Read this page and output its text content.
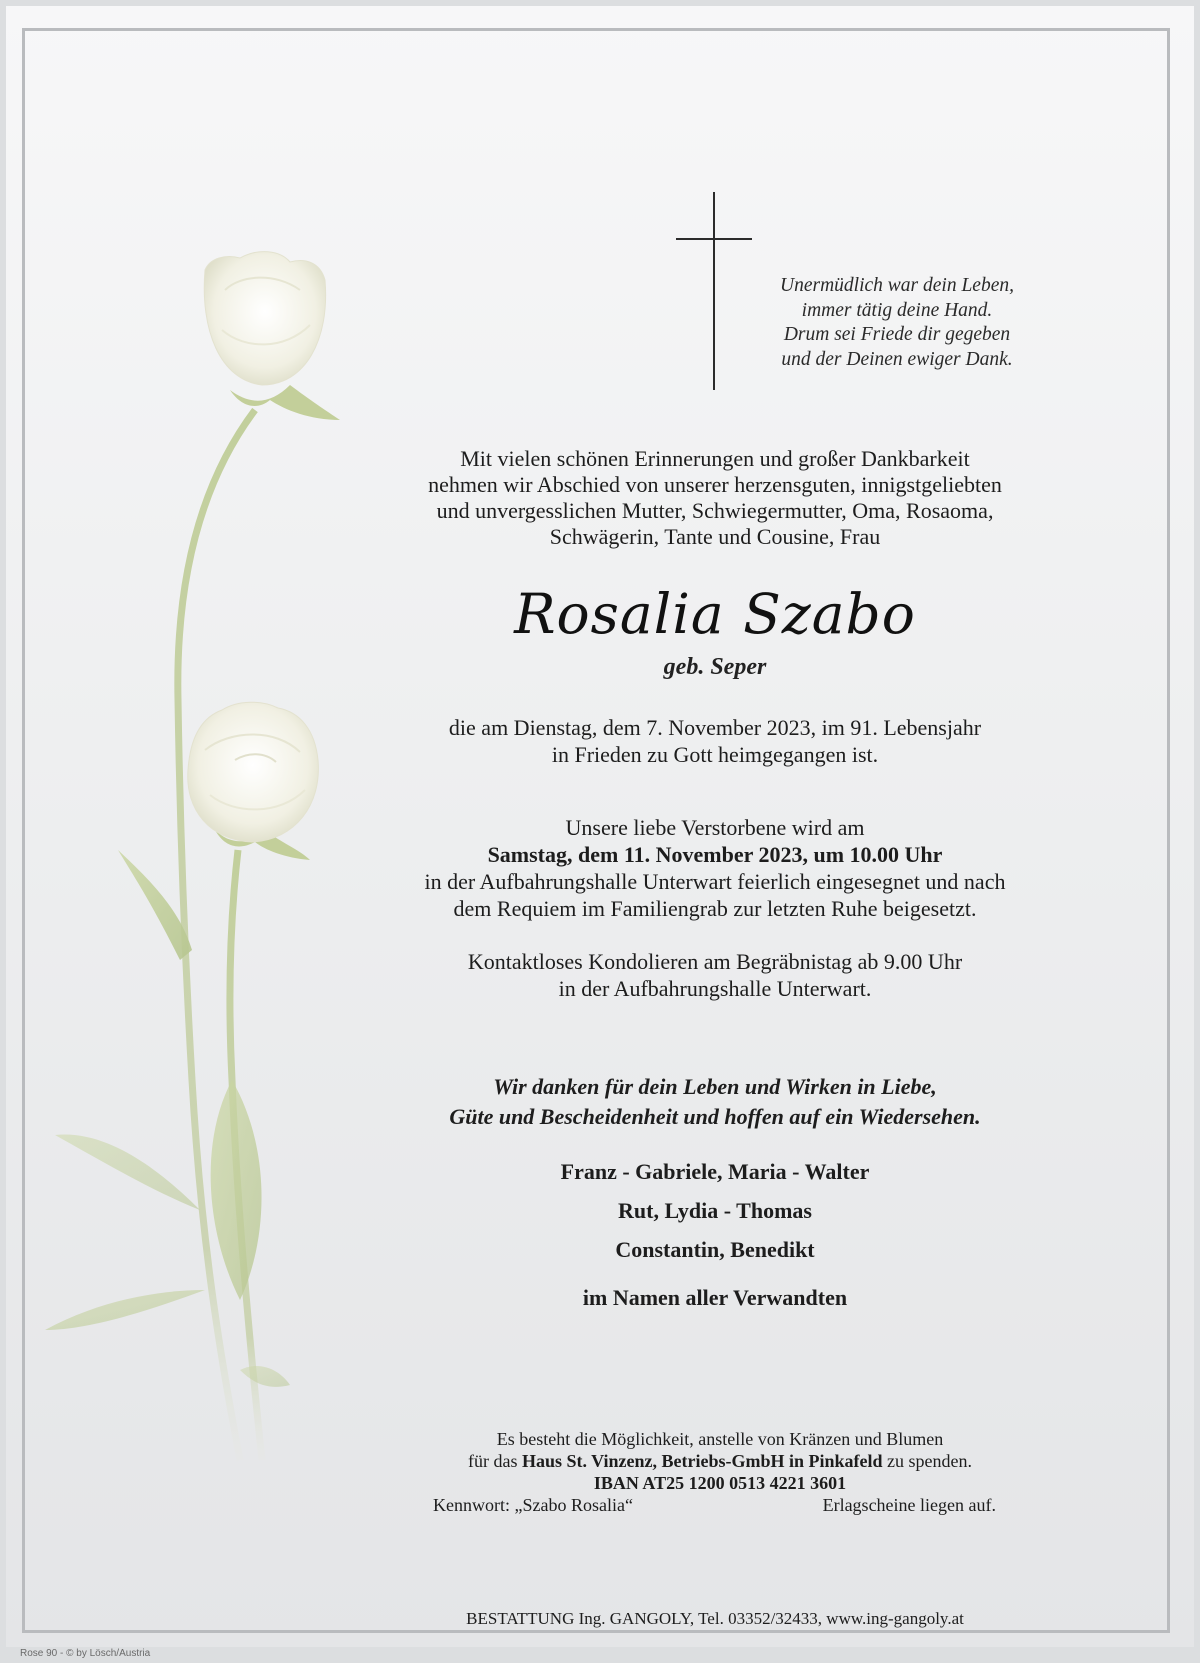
Unermüdlich war dein Leben,
immer tätig deine Hand.
Drum sei Friede dir gegeben
und der Deinen ewiger Dank.
Mit vielen schönen Erinnerungen und großer Dankbarkeit
nehmen wir Abschied von unserer herzensguten, innigstgeliebten
und unvergesslichen Mutter, Schwiegermutter, Oma, Rosaoma,
Schwägerin, Tante und Cousine, Frau
Rosalia Szabo
geb. Seper
die am Dienstag, dem 7. November 2023, im 91. Lebensjahr
in Frieden zu Gott heimgegangen ist.
Unsere liebe Verstorbene wird am
Samstag, dem 11. November 2023, um 10.00 Uhr
in der Aufbahrungshalle Unterwart feierlich eingesegnet und nach
dem Requiem im Familiengrab zur letzten Ruhe beigesetzt.
Kontaktloses Kondolieren am Begräbnistag ab 9.00 Uhr
in der Aufbahrungshalle Unterwart.
Wir danken für dein Leben und Wirken in Liebe,
Güte und Bescheidenheit und hoffen auf ein Wiedersehen.
Franz - Gabriele, Maria - Walter
Rut, Lydia - Thomas
Constantin, Benedikt
im Namen aller Verwandten
Es besteht die Möglichkeit, anstelle von Kränzen und Blumen
für das Haus St. Vinzenz, Betriebs-GmbH in Pinkafeld zu spenden.
IBAN AT25 1200 0513 4221 3601
Kennwort: „Szabo Rosalia“	Erlagscheine liegen auf.
BESTATTUNG Ing. GANGOLY, Tel. 03352/32433, www.ing-gangoly.at
Rose 90 - © by Lösch/Austria
